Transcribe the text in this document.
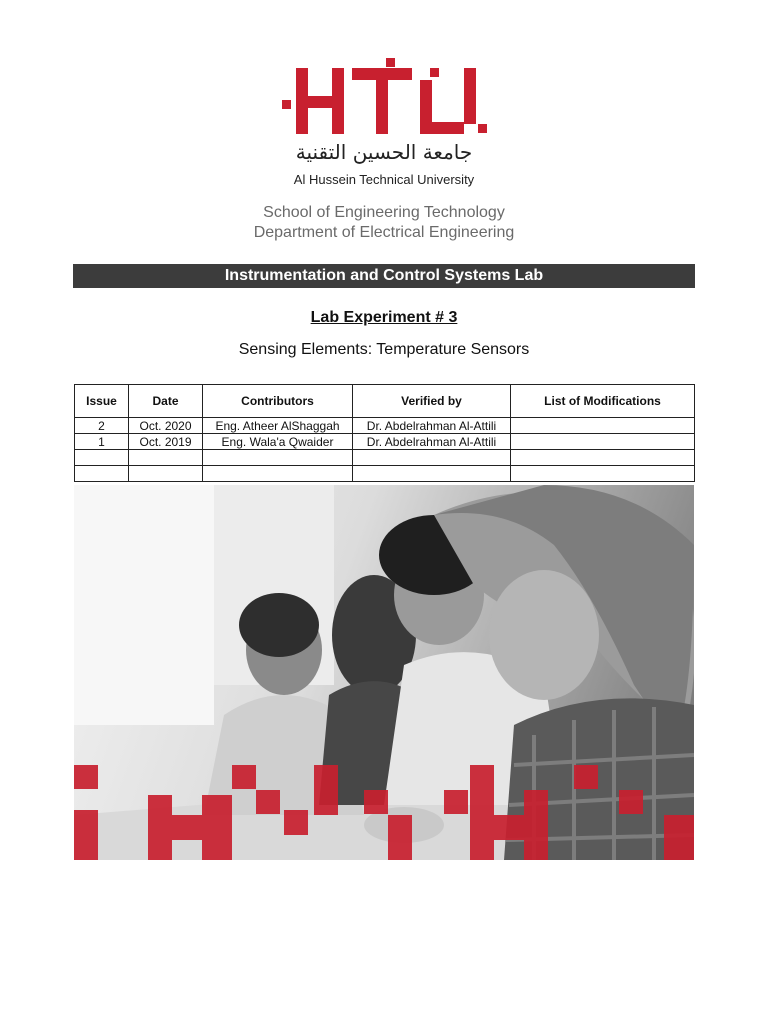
جامعة الحسين التقنية
Al Hussein Technical University
School of Engineering Technology
Department of Electrical Engineering
Instrumentation and Control Systems Lab
Lab Experiment # 3
Sensing Elements: Temperature Sensors
Issue	Date	Contributors	Verified by	List of Modifications
2	Oct. 2020	Eng. Atheer AlShaggah	Dr. Abdelrahman Al-Attili	
1	Oct. 2019	Eng. Wala'a Qwaider	Dr. Abdelrahman Al-Attili	
